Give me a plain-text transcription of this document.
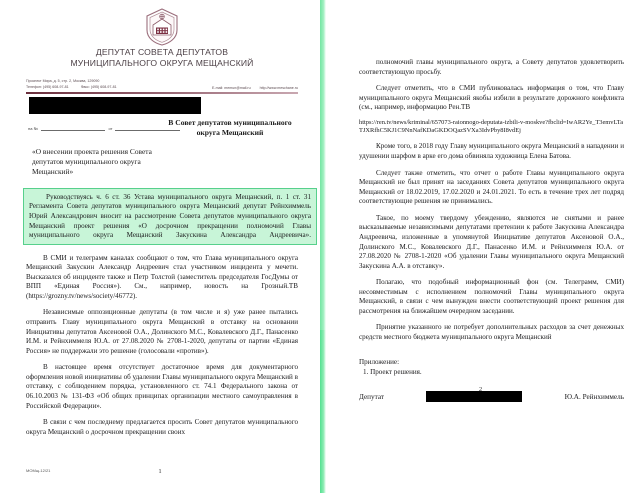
ДЕПУТАТ СОВЕТА ДЕПУТАТОВ
МУНИЦИПАЛЬНОГО ОКРУГА МЕЩАНСКИЙ
Проспект Мира, д. 5, стр. 2, Москва, 129090
Телефон: (495) 608-97-81	Факс: (495) 608-97-81	E-mail: memun@mail.ru	http://www.meschane.ru
на №	от
В Совет депутатов муниципального
округа Мещанский
«О внесении проекта решения Совета депутатов муниципального округа Мещанский»

Руководствуясь ч. 6 ст. 36 Устава муниципального округа Мещанский, п. 1 ст. 31 Регламента Совета депутатов муниципального округа Мещанский депутат Рейнхиммель Юрий Александрович вносит на рассмотрение Совета депутатов муниципального округа Мещанский проект решения «О досрочном прекращении полномочий Главы муниципального округа Мещанский Закускина Александра Андреевича».

В СМИ и телеграмм каналах сообщают о том, что Глава муниципального округа Мещанский Закускин Александр Андреевич стал участником инцидента у мечети. Высказался об инциденте также и Петр Толстой (заместитель председателя ГосДумы от ВПП «Единая Россия»). См., например, новость на Грозный.ТВ (https://grozny.tv/news/society/46772).

Независимые оппозиционные депутаты (в том числе и я) уже ранее пытались отправить Главу муниципального округа Мещанский в отставку на основании Инициативы депутатов Аксеновой О.А., Долинского М.С., Ковалевского Д.Г., Панасенко И.М. и Рейнхиммеля Ю.А. от 27.08.2020 № 2708-1-2020, депутаты от партии «Единая Россия» не поддержали это решение (голосовали «против»).

В настоящее время отсутствует достаточное время для документарного оформления новой инициативы об удалении Главы муниципального округа Мещанский в отставку, с соблюдением порядка, установленного ст. 74.1 Федерального закона от 06.10.2003 № 131-ФЗ «Об общих принципах организации местного самоуправления в Российской Федерации».

В связи с чем последнему предлагается просить Совет депутатов муниципального округа Мещанский о досрочном прекращении своих

МОМщ-12/21	1

полномочий главы муниципального округа, а Совету депутатов удовлетворить соответствующую просьбу.

Следует отметить, что в СМИ публиковалась информация о том, что Главу муниципального округа Мещанский якобы избили в результате дорожного конфликта (см., например, информацию Рен.ТВ

https://ren.tv/news/kriminal/657073-raionnogo-deputata-izbili-v-moskve?fbclid=IwAR2Ye_T3emvLTaTJXRfhC5KJ1C9NnNafKDaGKDOQazSVXa3IdvPby8I8vdEj

Кроме того, в 2018 году Главу муниципального округа Мещанский в нападении и удушении шарфом в арке его дома обвиняла художница Елена Батова.

Следует также отметить, что отчет о работе Главы муниципального округа Мещанский не был принят на заседаниях Совета депутатов муниципального округа Мещанский от 18.02.2019, 17.02.2020 и 24.01.2021. То есть в течение трех лет подряд соответствующие решения не принимались.

Такое, по моему твердому убеждению, являются не снятыми и ранее высказываемые независимыми депутатами претензии к работе Закускина Александра Андреевича, изложенные в упомянутой Инициативе депутатов Аксеновой О.А., Долинского М.С., Ковалевского Д.Г., Панасенко И.М. и Рейнхиммеля Ю.А. от 27.08.2020 № 2708-1-2020 «Об удалении Главы муниципального округа Мещанский Закускина А.А. в отставку».

Полагаю, что подобный информационный фон (см. Телеграмм, СМИ) несовместимым с исполнением полномочий Главы муниципального округа Мещанский, в связи с чем вынужден внести соответствующий проект решения для рассмотрения на ближайшем очередном заседании.

Принятие указанного не потребует дополнительных расходов за счет денежных средств местного бюджета муниципального округа Мещанский

Приложение:
1. Проект решения.
Депутат	Ю.А. Рейнхиммель
2
